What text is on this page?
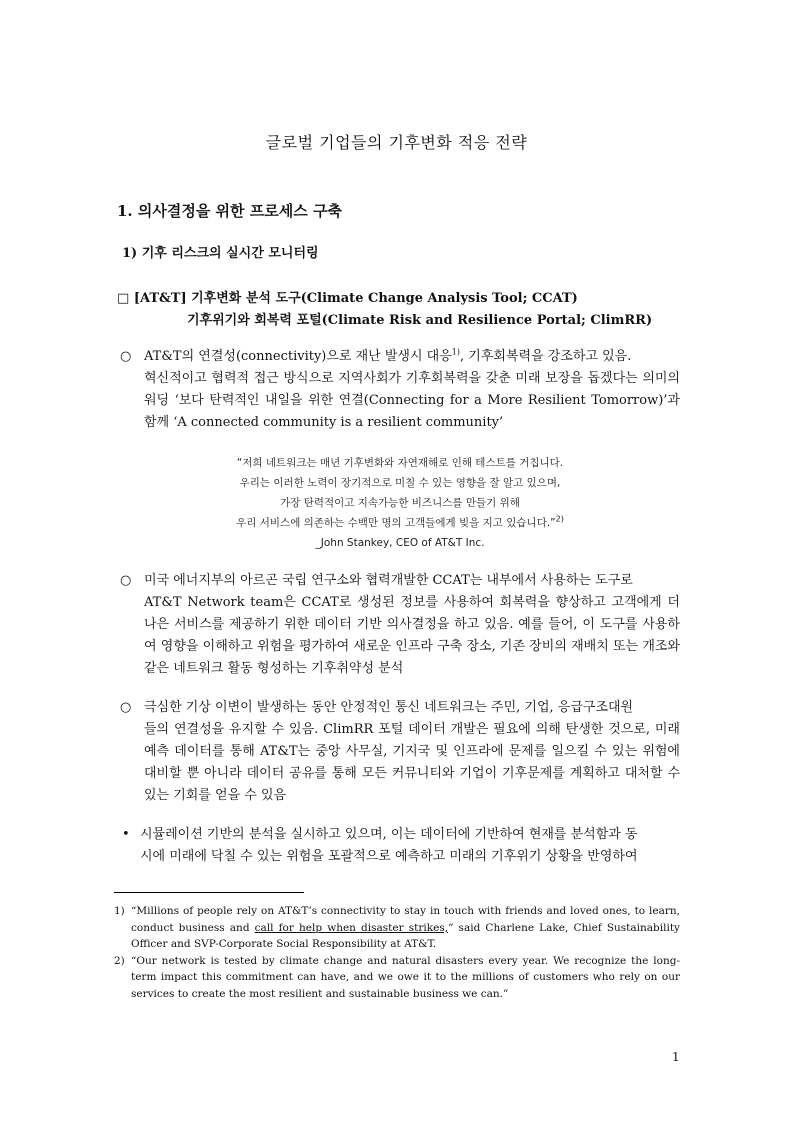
글로벌 기업들의 기후변화 적응 전략
1. 의사결정을 위한 프로세스 구축
1) 기후 리스크의 실시간 모니터링
□ [AT&T] 기후변화 분석 도구(Climate Change Analysis Tool; CCAT)
기후위기와 회복력 포털(Climate Risk and Resilience Portal; ClimRR)
○ AT&T의 연결성(connectivity)으로 재난 발생시 대응$^{1)}$, 기후회복력을 강조하고 있음.
혁신적이고 협력적 접근 방식으로 지역사회가 기후회복력을 갖춘 미래 보장을 돕겠다는 의미의 워딩 ‘보다 탄력적인 내일을 위한 연결(Connecting for a More Resilient Tomorrow)’과 함께 ‘A connected community is a resilient community’
“저희 네트워크는 매년 기후변화와 자연재해로 인해 테스트를 거칩니다.
우리는 이러한 노력이 장기적으로 미칠 수 있는 영향을 잘 알고 있으며,
가장 탄력적이고 지속가능한 비즈니스를 만들기 위해
우리 서비스에 의존하는 수백만 명의 고객들에게 빚을 지고 있습니다.”$^{2)}$
_John Stankey, CEO of AT&T Inc.
○ 미국 에너지부의 아르곤 국립 연구소와 협력개발한 CCAT는 내부에서 사용하는 도구로
AT&T Network team은 CCAT로 생성된 정보를 사용하여 회복력을 향상하고 고객에게 더 나은 서비스를 제공하기 위한 데이터 기반 의사결정을 하고 있음. 예를 들어, 이 도구를 사용하여 영향을 이해하고 위험을 평가하여 새로운 인프라 구축 장소, 기존 장비의 재배치 또는 개조와 같은 네트워크 활동 형성하는 기후취약성 분석
○ 극심한 기상 이변이 발생하는 동안 안정적인 통신 네트워크는 주민, 기업, 응급구조대원
들의 연결성을 유지할 수 있음. ClimRR 포털 데이터 개발은 필요에 의해 탄생한 것으로, 미래 예측 데이터를 통해 AT&T는 중앙 사무실, 기지국 및 인프라에 문제를 일으킬 수 있는 위험에 대비할 뿐 아니라 데이터 공유를 통해 모든 커뮤니티와 기업이 기후문제를 계획하고 대처할 수 있는 기회를 얻을 수 있음
• 시뮬레이션 기반의 분석을 실시하고 있으며, 이는 데이터에 기반하여 현재를 분석함과 동
시에 미래에 닥칠 수 있는 위험을 포괄적으로 예측하고 미래의 기후위기 상황을 반영하여
1) “Millions of people rely on AT&T’s connectivity to stay in touch with friends and loved ones, to learn, conduct business and call for help when disaster strikes,” said Charlene Lake, Chief Sustainability Officer and SVP-Corporate Social Responsibility at AT&T.
2) “Our network is tested by climate change and natural disasters every year. We recognize the long-term impact this commitment can have, and we owe it to the millions of customers who rely on our services to create the most resilient and sustainable business we can.”
1
